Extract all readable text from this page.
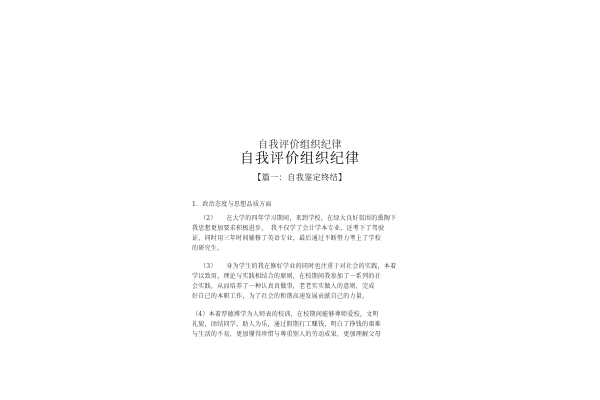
自我评价组织纪律
自我评价组织纪律
【篇一：自我鉴定终结】
1．政治态度与思想品质方面
（2）　　在大学的四年学习期间，来到学校，在绿大良好氛围的熏陶下
我思想更加要求积极进步，　我不仅学了会计学本专业，还考下了驾驶
证，同时用三年时间辅修了英语专业，最后通过不断努力考上了学校
的研究生。
（3）　　身为学生的我在修好学业的同时也注重于对社会的实践，本着
学以致用，理论与实践相结合的原则，在校期间我参加了一系列的社
会实践，从而培养了一种认真真做事，老老实实做人的意则，完成
好自己的本职工作，为了社会的和谐高速发展贡献自己的力量。
（4）本着厚德博学为人师表的校训，在校期间能够尊师爱校，文明
礼貌，团结同学，助人为乐，通过假期打工赚钱，明白了挣钱的艰难
与生活的不易，更加懂得珍惜与尊重别人的劳动成果，更加理解父母
